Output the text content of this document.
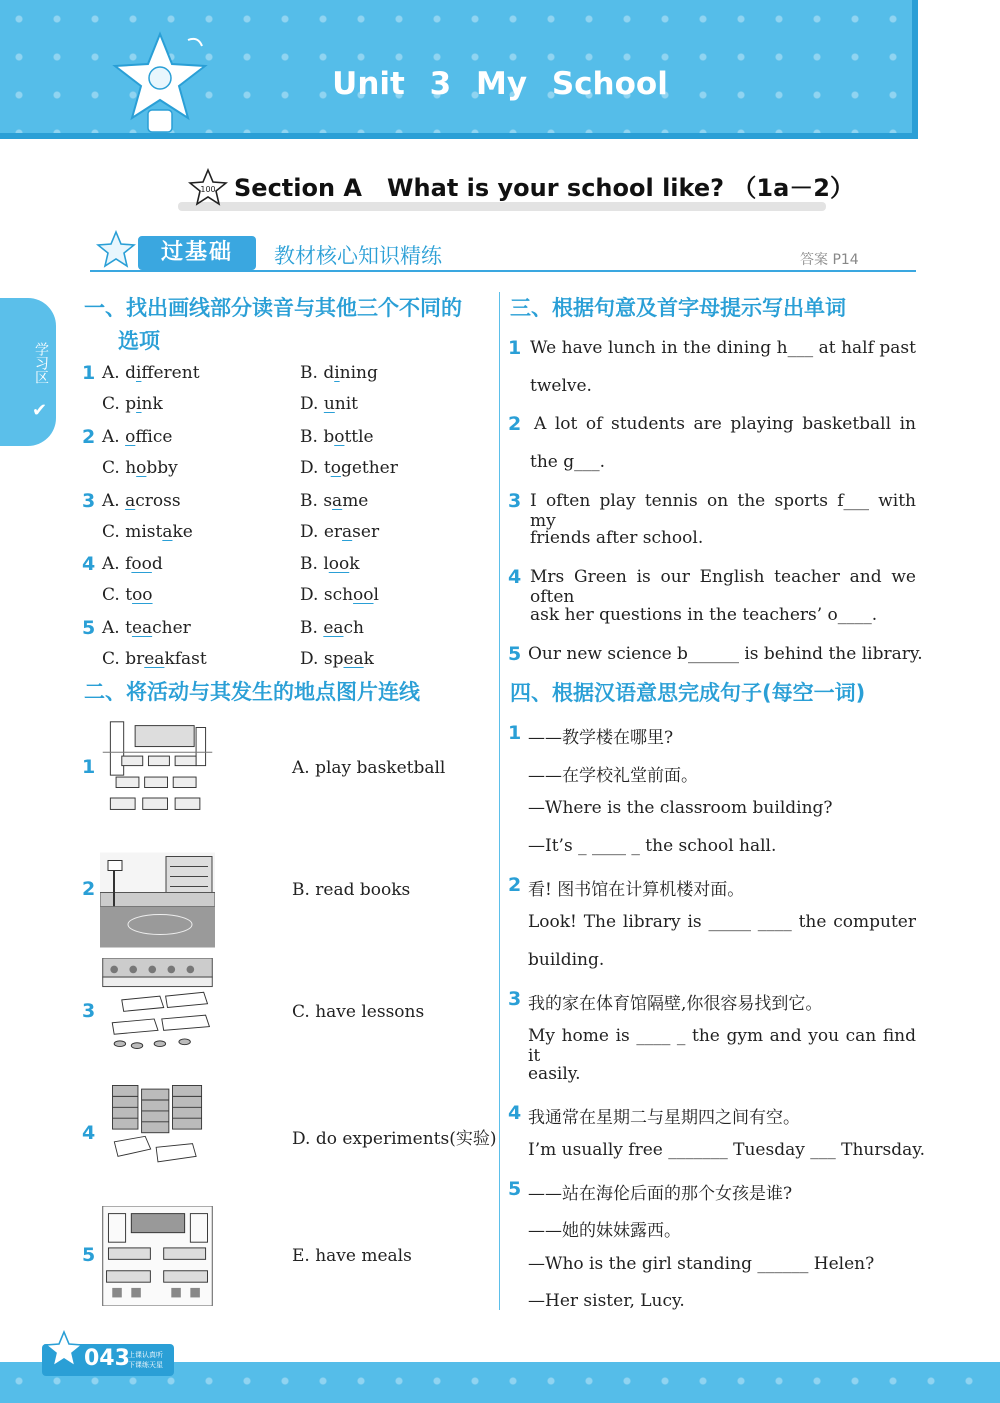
Unit 3 My School
100 Section A   What is your school like? （1a－2）
过基础	教材核心知识精练	答案 P14
学习区
✔
一、找出画线部分读音与其他三个不同的
选项
1 A. different	B. dining
C. pink	D. unit
2 A. office	B. bottle
C. hobby	D. together
3 A. across	B. same
C. mistake	D. eraser
4 A. food	B. look
C. too	D. school
5 A. teacher	B. each
C. breakfast	D. speak
二、将活动与其发生的地点图片连线
1
2
3
4
5
A. play basketball
B. read books
C. have lessons
D. do experiments(实验)
E. have meals
三、根据句意及首字母提示写出单词
1 We have lunch in the dining h___ at half past
twelve.
2 A lot of students are playing basketball in
the g___.
3 I often play tennis on the sports f___ with my
friends after school.
4 Mrs Green is our English teacher and we often
ask her questions in the teachers’ o____.
5 Our new science b______ is behind the library.
四、根据汉语意思完成句子(每空一词)
1 ——教学楼在哪里?
——在学校礼堂前面。
—Where is the classroom building?
—It’s _ ____ _ the school hall.
2 看! 图书馆在计算机楼对面。
Look! The library is _____ ____ the computer
building.
3 我的家在体育馆隔壁,你很容易找到它。
My home is ____ _ the gym and you can find it
easily.
4 我通常在星期二与星期四之间有空。
I’m usually free _______ Tuesday ___ Thursday.
5 ——站在海伦后面的那个女孩是谁?
——她的妹妹露西。
—Who is the girl standing ______ Helen?
—Her sister, Lucy.
043
上课认真听 下课练天星
